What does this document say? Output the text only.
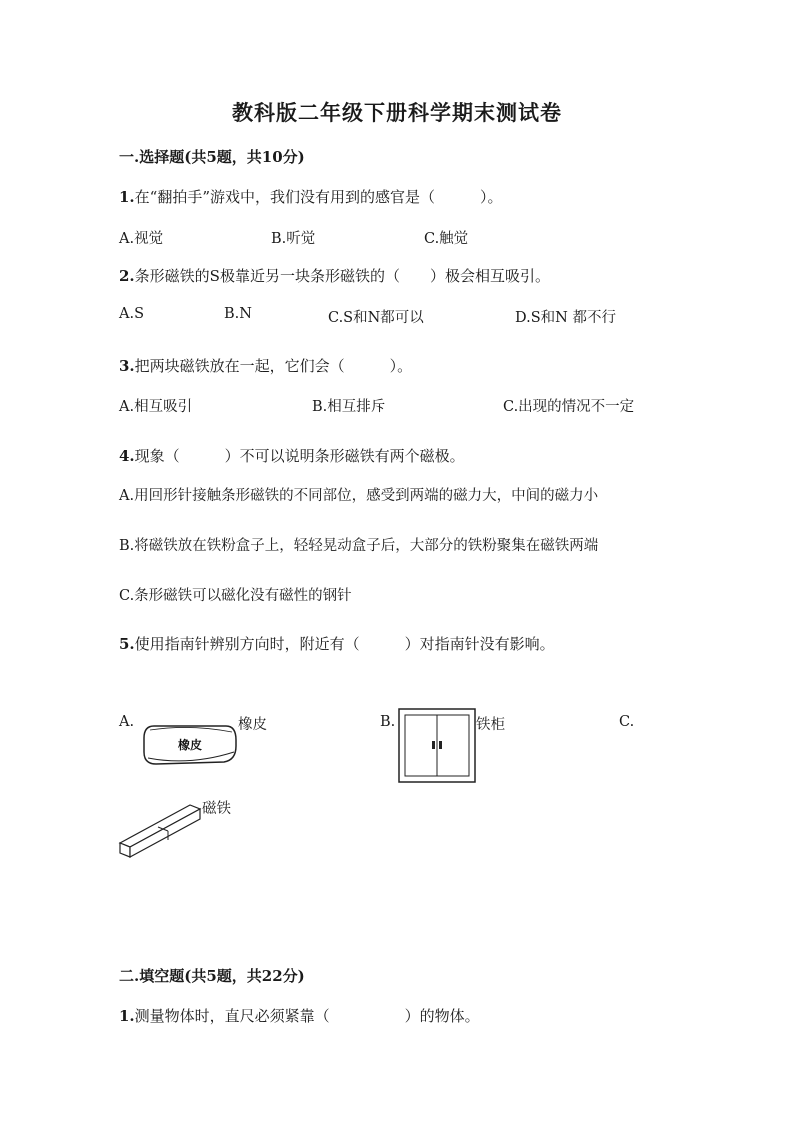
教科版二年级下册科学期末测试卷
一.选择题(共5题，共10分)
1.在“翻拍手”游戏中，我们没有用到的感官是（　　　）。
A.视觉	B.听觉	C.触觉
2.条形磁铁的S极靠近另一块条形磁铁的（　　）极会相互吸引。
A.S	B.N	C.S和N都可以	D.S和N 都不行
3.把两块磁铁放在一起，它们会（　　　）。
A.相互吸引	B.相互排斥	C.出现的情况不一定
4.现象（　　　）不可以说明条形磁铁有两个磁极。
A.用回形针接触条形磁铁的不同部位，感受到两端的磁力大，中间的磁力小
B.将磁铁放在铁粉盒子上，轻轻晃动盒子后，大部分的铁粉聚集在磁铁两端
C.条形磁铁可以磁化没有磁性的钢针
5.使用指南针辨别方向时，附近有（　　　）对指南针没有影响。
A.
橡皮
橡皮	B.	铁柜	C.
磁铁
二.填空题(共5题，共22分)
1.测量物体时，直尺必须紧靠（　　　　　）的物体。
